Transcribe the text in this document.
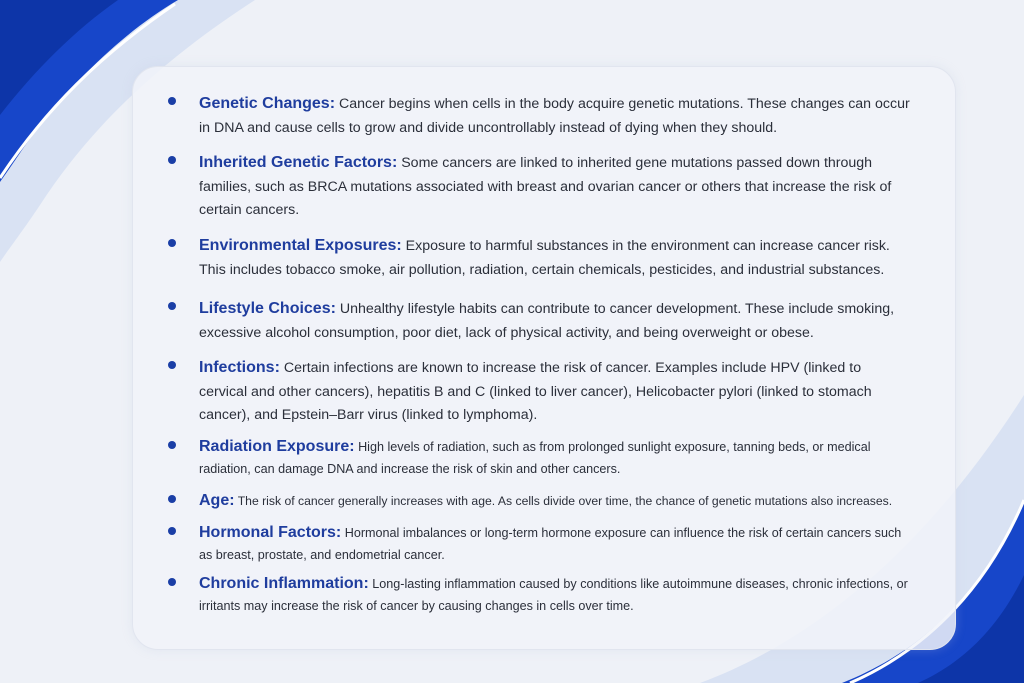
Genetic Changes: Cancer begins when cells in the body acquire genetic mutations. These changes can occur in DNA and cause cells to grow and divide uncontrollably instead of dying when they should.
Inherited Genetic Factors: Some cancers are linked to inherited gene mutations passed down through families, such as BRCA mutations associated with breast and ovarian cancer or others that increase the risk of certain cancers.
Environmental Exposures: Exposure to harmful substances in the environment can increase cancer risk. This includes tobacco smoke, air pollution, radiation, certain chemicals, pesticides, and industrial substances.
Lifestyle Choices: Unhealthy lifestyle habits can contribute to cancer development. These include smoking, excessive alcohol consumption, poor diet, lack of physical activity, and being overweight or obese.
Infections: Certain infections are known to increase the risk of cancer. Examples include HPV (linked to cervical and other cancers), hepatitis B and C (linked to liver cancer), Helicobacter pylori (linked to stomach cancer), and Epstein–Barr virus (linked to lymphoma).
Radiation Exposure: High levels of radiation, such as from prolonged sunlight exposure, tanning beds, or medical radiation, can damage DNA and increase the risk of skin and other cancers.
Age: The risk of cancer generally increases with age. As cells divide over time, the chance of genetic mutations also increases.
Hormonal Factors: Hormonal imbalances or long-term hormone exposure can influence the risk of certain cancers such as breast, prostate, and endometrial cancer.
Chronic Inflammation: Long-lasting inflammation caused by conditions like autoimmune diseases, chronic infections, or irritants may increase the risk of cancer by causing changes in cells over time.
